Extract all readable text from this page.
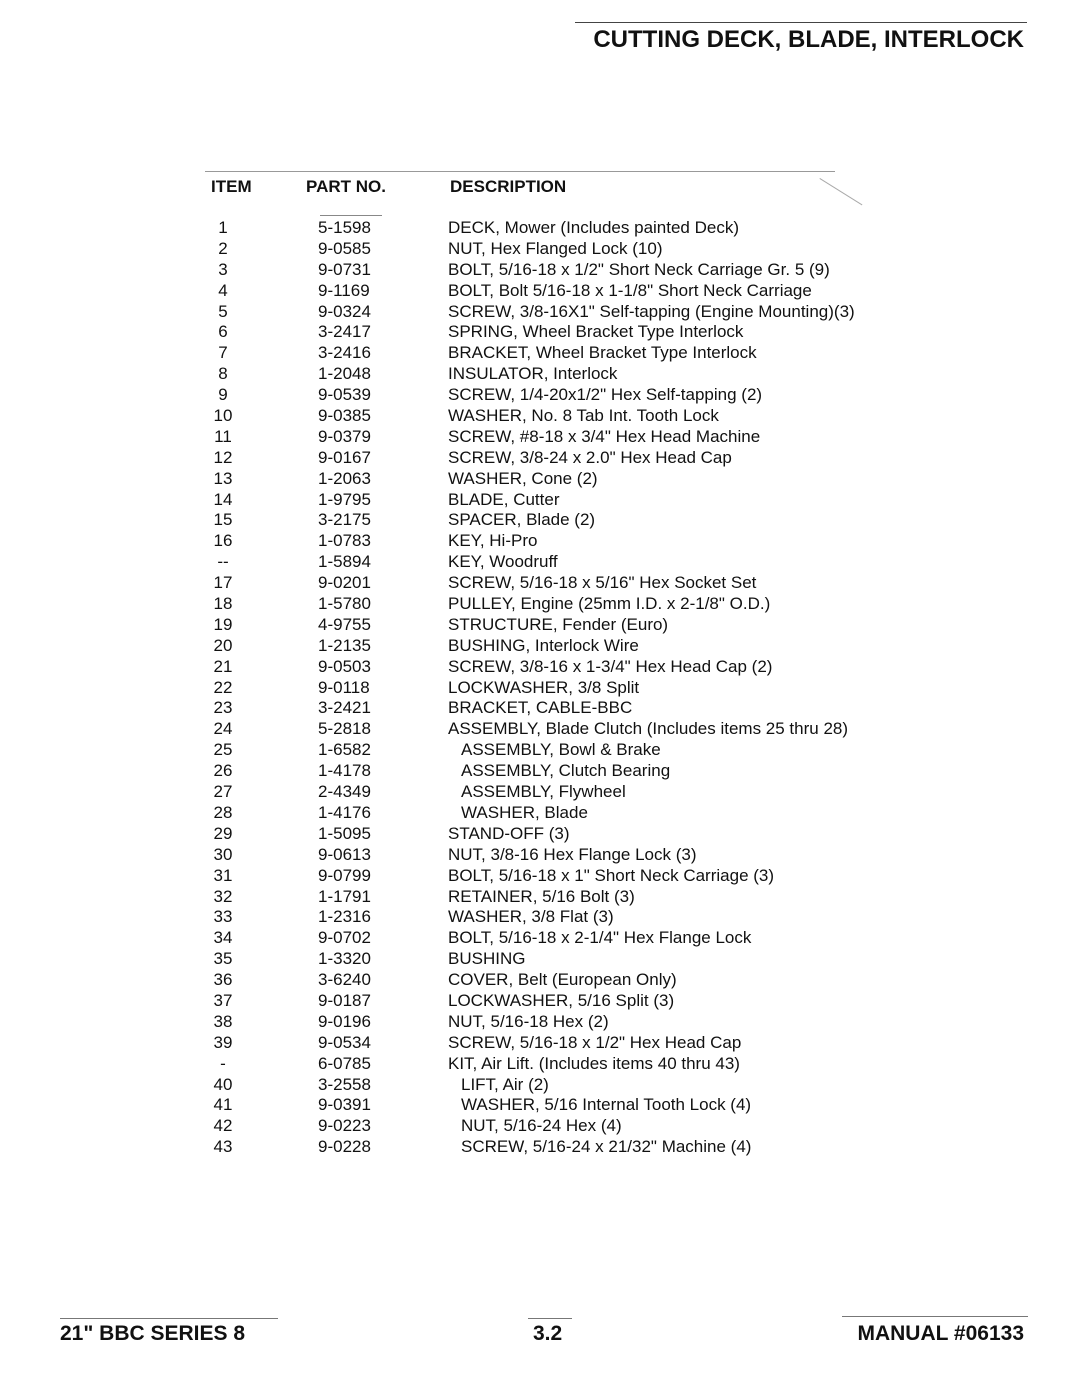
CUTTING DECK, BLADE, INTERLOCK
ITEM	PART NO.	DESCRIPTION
1	5-1598	DECK, Mower (Includes painted Deck)
2	9-0585	NUT, Hex Flanged Lock (10)
3	9-0731	BOLT, 5/16-18 x 1/2" Short Neck Carriage Gr. 5 (9)
4	9-1169	BOLT, Bolt 5/16-18 x 1-1/8" Short Neck Carriage
5	9-0324	SCREW, 3/8-16X1" Self-tapping (Engine Mounting)(3)
6	3-2417	SPRING, Wheel Bracket Type Interlock
7	3-2416	BRACKET, Wheel Bracket Type Interlock
8	1-2048	INSULATOR, Interlock
9	9-0539	SCREW, 1/4-20x1/2" Hex Self-tapping (2)
10	9-0385	WASHER, No. 8 Tab Int. Tooth Lock
11	9-0379	SCREW, #8-18 x 3/4" Hex Head Machine
12	9-0167	SCREW, 3/8-24 x 2.0" Hex Head Cap
13	1-2063	WASHER, Cone (2)
14	1-9795	BLADE, Cutter
15	3-2175	SPACER, Blade (2)
16	1-0783	KEY, Hi-Pro
--	1-5894	KEY, Woodruff
17	9-0201	SCREW, 5/16-18 x 5/16" Hex Socket Set
18	1-5780	PULLEY, Engine (25mm I.D. x 2-1/8" O.D.)
19	4-9755	STRUCTURE, Fender (Euro)
20	1-2135	BUSHING, Interlock Wire
21	9-0503	SCREW, 3/8-16 x 1-3/4" Hex Head Cap (2)
22	9-0118	LOCKWASHER, 3/8 Split
23	3-2421	BRACKET, CABLE-BBC
24	5-2818	ASSEMBLY, Blade Clutch (Includes items 25 thru 28)
25	1-6582	ASSEMBLY, Bowl & Brake
26	1-4178	ASSEMBLY, Clutch Bearing
27	2-4349	ASSEMBLY, Flywheel
28	1-4176	WASHER, Blade
29	1-5095	STAND-OFF (3)
30	9-0613	NUT, 3/8-16 Hex Flange Lock (3)
31	9-0799	BOLT, 5/16-18 x 1" Short Neck Carriage (3)
32	1-1791	RETAINER, 5/16 Bolt (3)
33	1-2316	WASHER, 3/8 Flat (3)
34	9-0702	BOLT, 5/16-18 x 2-1/4" Hex Flange Lock
35	1-3320	BUSHING
36	3-6240	COVER, Belt (European Only)
37	9-0187	LOCKWASHER, 5/16 Split (3)
38	9-0196	NUT, 5/16-18 Hex (2)
39	9-0534	SCREW, 5/16-18 x 1/2" Hex Head Cap
-	6-0785	KIT, Air Lift. (Includes items 40 thru 43)
40	3-2558	LIFT, Air (2)
41	9-0391	WASHER, 5/16 Internal Tooth Lock (4)
42	9-0223	NUT, 5/16-24 Hex (4)
43	9-0228	SCREW, 5/16-24 x 21/32" Machine (4)
21" BBC SERIES 8	3.2	MANUAL #06133
